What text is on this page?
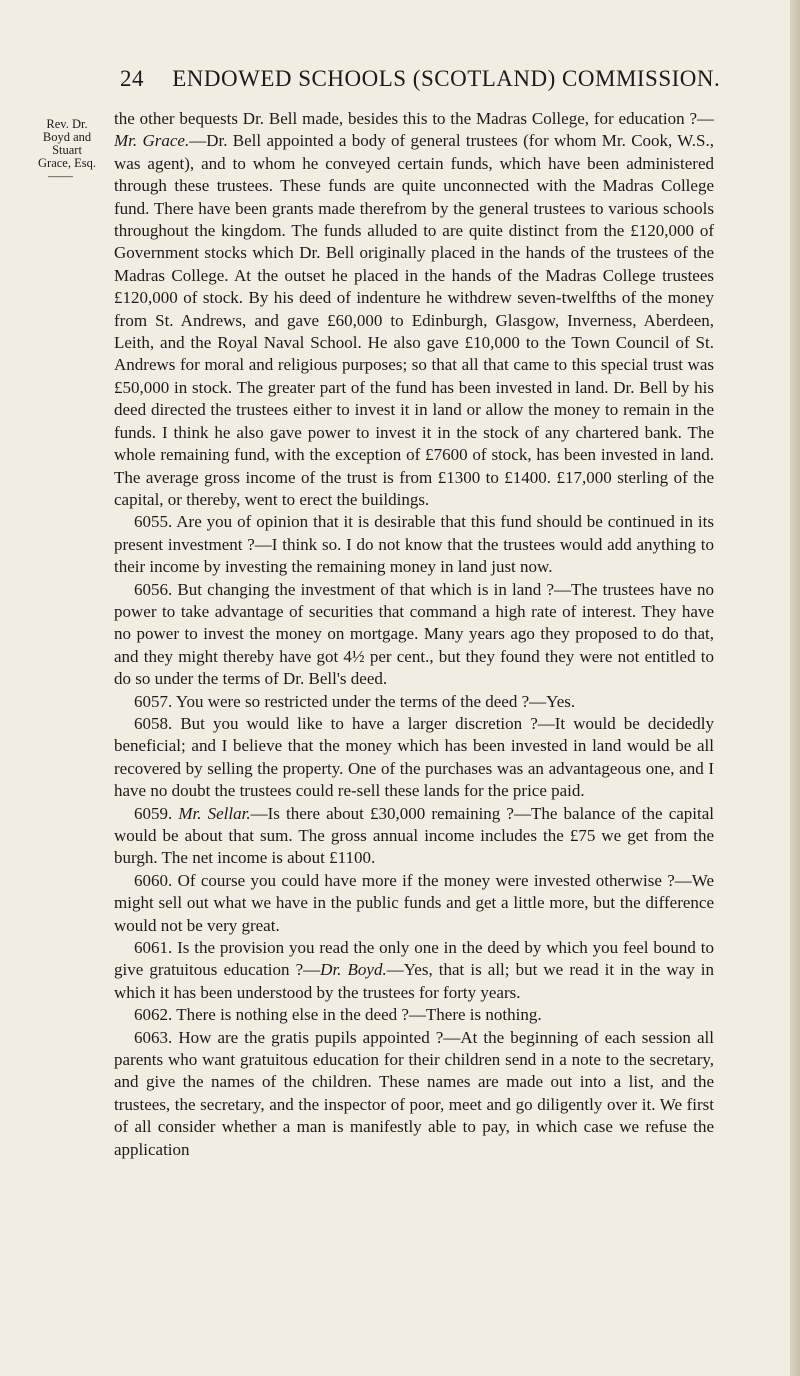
24 ENDOWED SCHOOLS (SCOTLAND) COMMISSION.
Rev. Dr.
Boyd and
Stuart
Grace, Esq.
——

the other bequests Dr. Bell made, besides this to the Madras College, for education ?—Mr. Grace.—Dr. Bell appointed a body of general trustees (for whom Mr. Cook, W.S., was agent), and to whom he conveyed certain funds, which have been administered through these trustees. These funds are quite unconnected with the Madras College fund. There have been grants made therefrom by the general trustees to various schools throughout the kingdom. The funds alluded to are quite distinct from the £120,000 of Government stocks which Dr. Bell originally placed in the hands of the trustees of the Madras College. At the outset he placed in the hands of the Madras College trustees £120,000 of stock. By his deed of indenture he withdrew seven-twelfths of the money from St. Andrews, and gave £60,000 to Edinburgh, Glasgow, Inverness, Aberdeen, Leith, and the Royal Naval School. He also gave £10,000 to the Town Council of St. Andrews for moral and religious purposes; so that all that came to this special trust was £50,000 in stock. The greater part of the fund has been invested in land. Dr. Bell by his deed directed the trustees either to invest it in land or allow the money to remain in the funds. I think he also gave power to invest it in the stock of any chartered bank. The whole remaining fund, with the exception of £7600 of stock, has been invested in land. The average gross income of the trust is from £1300 to £1400. £17,000 sterling of the capital, or thereby, went to erect the buildings.

6055. Are you of opinion that it is desirable that this fund should be continued in its present investment ?—I think so. I do not know that the trustees would add anything to their income by investing the remaining money in land just now.

6056. But changing the investment of that which is in land ?—The trustees have no power to take advantage of securities that command a high rate of interest. They have no power to invest the money on mortgage. Many years ago they proposed to do that, and they might thereby have got 4½ per cent., but they found they were not entitled to do so under the terms of Dr. Bell's deed.

6057. You were so restricted under the terms of the deed ?—Yes.

6058. But you would like to have a larger discretion ?—It would be decidedly beneficial; and I believe that the money which has been invested in land would be all recovered by selling the property. One of the purchases was an advantageous one, and I have no doubt the trustees could re-sell these lands for the price paid.

6059. Mr. Sellar.—Is there about £30,000 remaining ?—The balance of the capital would be about that sum. The gross annual income includes the £75 we get from the burgh. The net income is about £1100.

6060. Of course you could have more if the money were invested otherwise ?—We might sell out what we have in the public funds and get a little more, but the difference would not be very great.

6061. Is the provision you read the only one in the deed by which you feel bound to give gratuitous education ?—Dr. Boyd.—Yes, that is all; but we read it in the way in which it has been understood by the trustees for forty years.

6062. There is nothing else in the deed ?—There is nothing.

6063. How are the gratis pupils appointed ?—At the beginning of each session all parents who want gratuitous education for their children send in a note to the secretary, and give the names of the children. These names are made out into a list, and the trustees, the secretary, and the inspector of poor, meet and go diligently over it. We first of all consider whether a man is manifestly able to pay, in which case we refuse the application
